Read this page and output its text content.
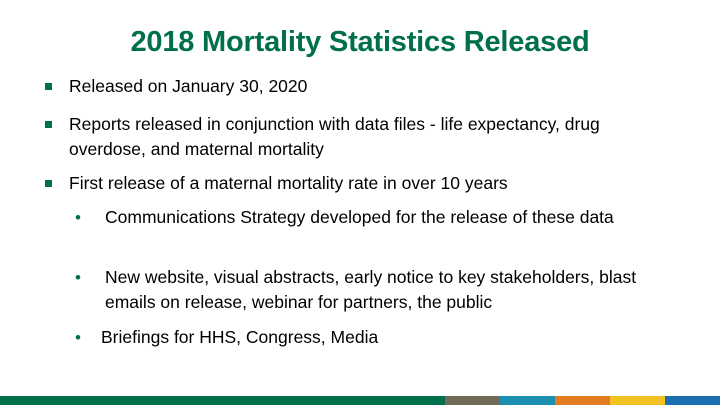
2018 Mortality Statistics Released
Released on January 30, 2020
Reports released in conjunction with data files - life expectancy, drug overdose, and maternal mortality
First release of a maternal mortality rate in over 10 years
• Communications Strategy developed for the release of these data
• New website, visual abstracts, early notice to key stakeholders, blast emails on release, webinar for partners, the public
• Briefings for HHS, Congress, Media
